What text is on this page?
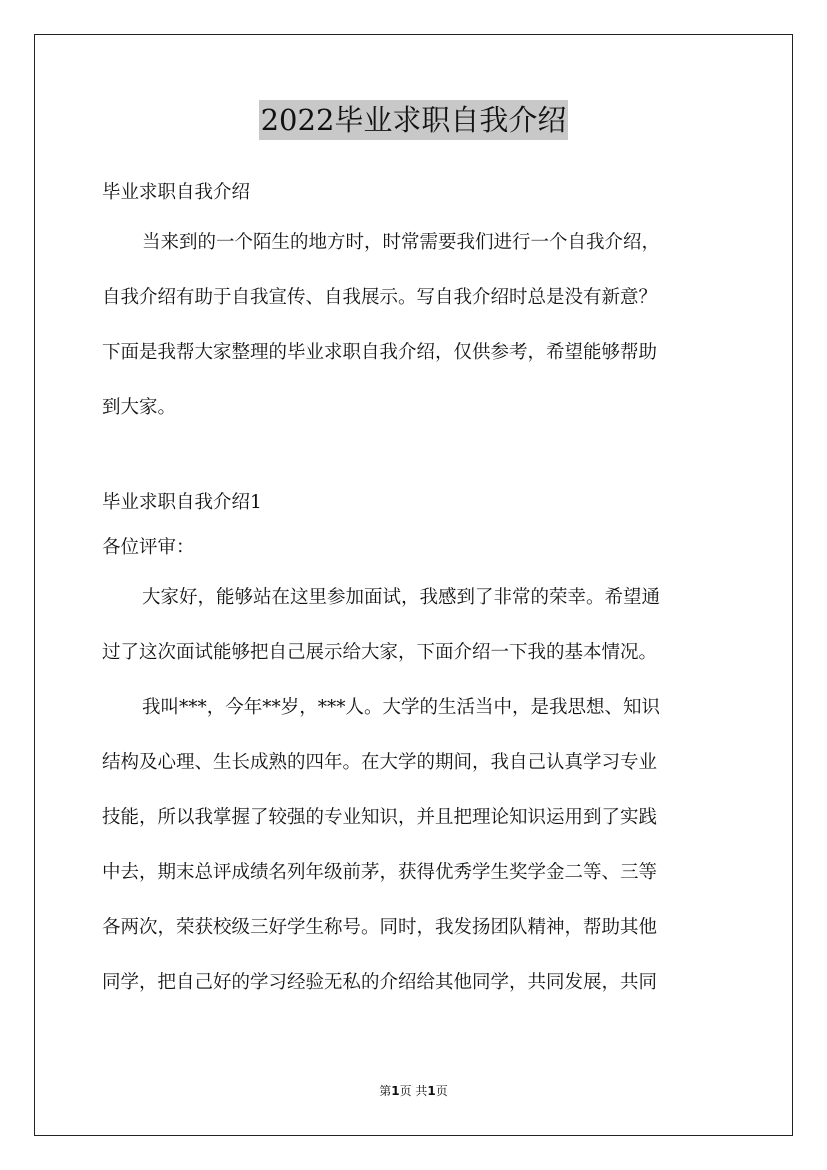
2022毕业求职自我介绍
毕业求职自我介绍
当来到的一个陌生的地方时，时常需要我们进行一个自我介绍，
自我介绍有助于自我宣传、自我展示。写自我介绍时总是没有新意？
下面是我帮大家整理的毕业求职自我介绍，仅供参考，希望能够帮助
到大家。
毕业求职自我介绍1
各位评审：
大家好，能够站在这里参加面试，我感到了非常的荣幸。希望通
过了这次面试能够把自己展示给大家，下面介绍一下我的基本情况。
我叫***，今年**岁，***人。大学的生活当中，是我思想、知识
结构及心理、生长成熟的四年。在大学的期间，我自己认真学习专业
技能，所以我掌握了较强的专业知识，并且把理论知识运用到了实践
中去，期末总评成绩名列年级前茅，获得优秀学生奖学金二等、三等
各两次，荣获校级三好学生称号。同时，我发扬团队精神，帮助其他
同学，把自己好的学习经验无私的介绍给其他同学，共同发展，共同
第1页 共1页
